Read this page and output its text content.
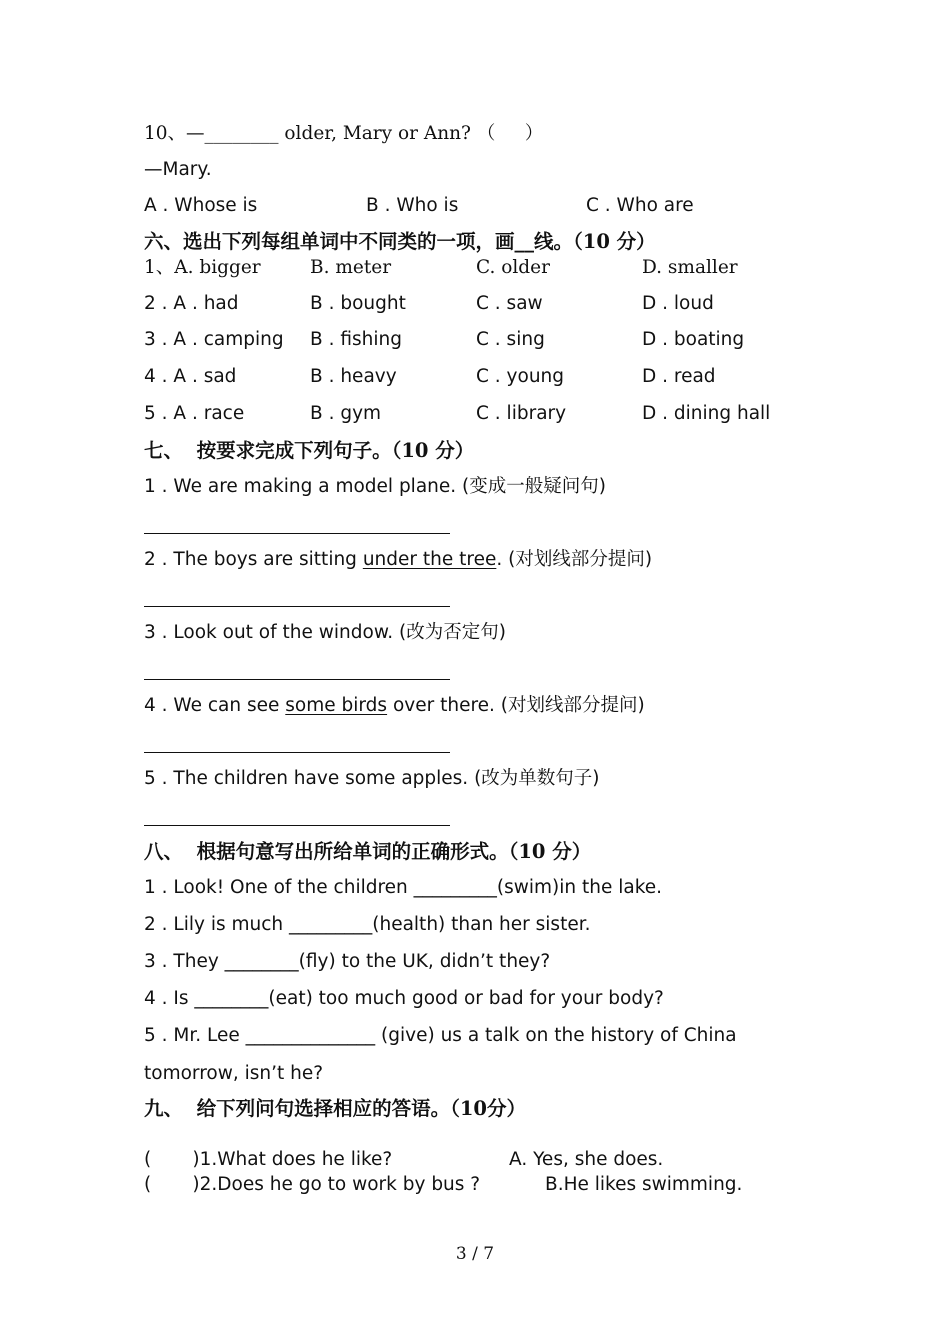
10、—________ older, Mary or Ann? （     ）
—Mary.
A . Whose is	B . Who is	C . Who are
六、选出下列每组单词中不同类的一项，画__线。（10 分）
1、A. bigger	B. meter	C. older	D. smaller
2 . A . had	B . bought	C . saw	D . loud
3 . A . camping B . fishing	C . sing	D . boating
4 . A . sad	B . heavy	C . young	D . read
5 . A . race	B . gym	C . library	D . dining hall
七、  按要求完成下列句子。（10 分）
1 . We are making a model plane. (变成一般疑问句)
2 . The boys are sitting under the tree. (对划线部分提问)
3 . Look out of the window. (改为否定句)
4 . We can see some birds over there. (对划线部分提问)
5 . The children have some apples. (改为单数句子)
八、  根据句意写出所给单词的正确形式。（10 分）
1 . Look! One of the children _________(swim)in the lake.
2 . Lily is much _________(health) than her sister.
3 . They ________(fly) to the UK, didn’t they?
4 . Is ________(eat) too much good or bad for your body?
5 . Mr. Lee ______________ (give) us a talk on the history of China
tomorrow, isn’t he?
九、  给下列问句选择相应的答语。（10分）
(       )1.What does he like?	A. Yes, she does.
(       )2.Does he go to work by bus ?	B.He likes swimming.
3 / 7
